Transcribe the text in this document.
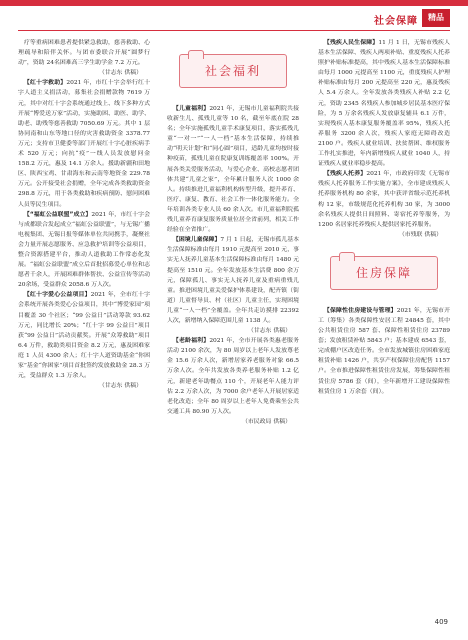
社会保障	精品

疗等重病困难患者提供紧急救助，慈善救助、心理疏导和陪伴关怀。与团市委联合开展“圆梦行动”，资助 24名困难高三学生助学金 7.2 万元。

（甘志东 供稿）

【红十字救助】2021 年，市红十字会举行红十字人道主义捐活动，募集社会捐赠款物 7619 万元，其中对红十字会系统通过线上、线下多种方式开展“博爱送万家”活动，实施助困、助医、助学、助老、助残等慈善救助 7050.69 万元。其中 1 层协同南和山东等地口径的灾害救助资金 3378.77 万元；支持市卫健委等部门开展红十字心脏疾病手术 520 万元；向抗“疫”一线人员发放慰问金 158.2 万元，惠及 14.1 万余人。援助新疆和田地区、陕西宝鸡、甘肃海东和云南等地资金 229.78 万元。公开接受社会捐赠，全年完成各类救助资金 298.8 万元，用于各类救助和疾病预防、慰问困难人员等民生项目。

【“福虹公益联盟”成立】2021 年，市红十字会与成都联合发起成立“福虹公益联盟”，与无锡广播电视集团、无锡日报等媒体单位共同携手，凝聚社会力量开展志愿服务、应急救护培训等公益项目，整合资源搭建平台，推动人道救助工作常态化发展。“福虹公益联盟”成立后首批招募爱心单位和志愿者千余人，开展困难群体帮扶、公益宣传等活动 20余场，受益群众 2058.6 万人次。

【红十字爱心公益项目】2021 年，全市红十字会系统开展各类爱心公益项目，其中“博爱家园”项目覆盖 30 个社区；“99 公益日”活动筹款 93.62 万元，同比增长 20%；“红十字 99 公益日”项目获“99 公益日”活动贡献奖。开展“众筹救助”项目 6.4 万件，救助类项目资金 8.2 万元，惠及困难家庭 1 人员 4300 余人；红十字人道资助基金“你困家”基金“你困家”项目首批签约发放救助金 28.3 万元，受益群众 1.3 万余人。

（甘志东 供稿）

社会福利

【儿童福利】2021 年，无锡市儿童福利院共接收新生儿、孤残儿童等 10 名，截至年底在院 28 名；全年实施孤残儿童手术康复项目，落实孤残儿童“一对一”“一人一档”基本生活保障，持续推动“明天计划”和“同心圆”项目，适龄儿童均按时接种疫苗，孤残儿童在院康复训练覆盖率 100%。开展各类关爱服务活动，与爱心企业、高校志愿者团体共建“儿童之家”，全年累计服务人次 1000 余人。持续推进儿童福利机构转型升级，提升养育、医疗、康复、教育、社会工作一体化服务能力。全年培训各类专业人员 60 余人次。市儿童福利院孤残儿童养育康复服务质量位居全省前列，相关工作经验在全省推广。

【困境儿童保障】7 月 1 日起，无锡市孤儿基本生活保障标准由每月 1910 元提高至 2010 元，事实无人抚养儿童基本生活保障标准由每月 1480 元提高至 1510 元。全年发放基本生活费 800 余万元，保障孤儿、事实无人抚养儿童及重病重残儿童。推进困境儿童关爱保护体系建设，配齐镇（街道）儿童督导员、村（社区）儿童主任，实现困境儿童“一人一档”全覆盖。全年共走访摸排 22392 人次，新增纳入保障范围儿童 1138 人。

（甘志东 供稿）

【老龄福利】2021 年，全市开展各类惠老服务活动 2100 余次，为 80 周岁以上老年人发放尊老金 15.6 万余人次，新增居家养老服务对象 66.5 万余人次。全年共发放各类养老服务补贴 1.2 亿元，新建老年助餐点 110 个，开展老年人能力评估 2.2 万余人次，为 7000 余户老年人开展居家适老化改造；全年 80 周岁以上老年人免费乘坐公共交通工具 80.90 万人次。

（市民政局 供稿）

【残疾人民生保障】11 月 1 日，无锡市残疾人基本生活保障、残疾人两项补贴、重度残疾人托养照护补贴标准提高，其中残疾人基本生活保障标准由每月 1000 元提高至 1100 元，重度残疾人护理补贴标准由每月 200 元提高至 220 元，惠及残疾人 5.4 万余人。全年发放各类残疾人补贴 2.2 亿元，资助 2345 名残疾人参加城乡居民基本医疗保险，为 5 万余名残疾人发放康复辅具 6.1 万件，实现残疾人基本康复服务覆盖率 95%，残疾人托养服务 3200 余人次，残疾人家庭无障碍改造 2100 户。残疾人就业培训、扶贫帮困、维权服务工作扎实推进，年内新增残疾人就业 1040 人，持证残疾人就业率稳步提高。

【残疾人托养】2021 年，市政府印发《无锡市残疾人托养服务工作实施方案》，全市建成残疾人托养服务机构 80 余家，其中获评省级示范托养机构 12 家，市级规范化托养机构 30 家，为 3000 余名残疾人提供日间照料、寄宿托养等服务，为 1200 名居家托养残疾人提供居家托养服务。

（市残联 供稿）

住房保障

【保障性住房建设与管理】2021 年，无锡市开工（筹集）各类保障性安居工程 24845 套，其中公共租赁住房 587 套、保障性租赁住房 23789 套；发放租赁补贴 5843 户；基本建成 6543 套，完成棚户区改造任务。全市发放城镇住房困难家庭租赁补贴 1426 户，共享产权保障住房配售 1157 户。全市推进保障性租赁住房发展，筹集保障性租赁住房 5786 套（间），全年新增开工建设保障性租赁住房 1 万余套（间）。

409
